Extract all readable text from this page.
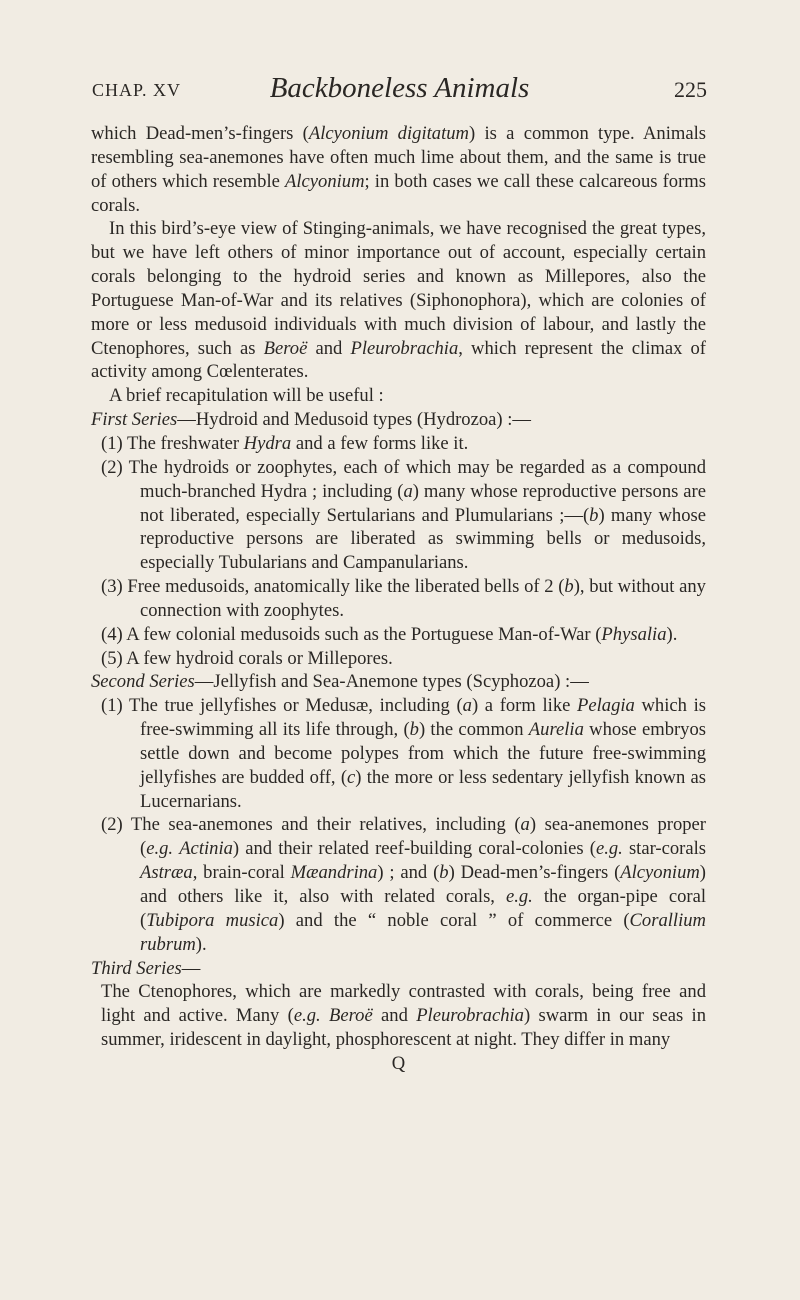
CHAP. XV	Backboneless Animals	225

which Dead-men’s-fingers (Alcyonium digitatum) is a common type. Animals resembling sea-anemones have often much lime about them, and the same is true of others which resemble Alcyonium; in both cases we call these calcareous forms corals.

In this bird’s-eye view of Stinging-animals, we have recognised the great types, but we have left others of minor importance out of account, especially certain corals belonging to the hydroid series and known as Millepores, also the Portuguese Man-of-War and its relatives (Siphonophora), which are colonies of more or less medusoid individuals with much division of labour, and lastly the Ctenophores, such as Beroë and Pleurobrachia, which represent the climax of activity among Cœlenterates.

A brief recapitulation will be useful :

First Series—Hydroid and Medusoid types (Hydrozoa) :—

(1) The freshwater Hydra and a few forms like it.

(2) The hydroids or zoophytes, each of which may be regarded as a compound much-branched Hydra ; including (a) many whose reproductive persons are not liberated, especially Sertularians and Plumularians ;—(b) many whose reproductive persons are liberated as swimming bells or medusoids, especially Tubularians and Campanularians.

(3) Free medusoids, anatomically like the liberated bells of 2 (b), but without any connection with zoophytes.

(4) A few colonial medusoids such as the Portuguese Man-of-War (Physalia).

(5) A few hydroid corals or Millepores.

Second Series—Jellyfish and Sea-Anemone types (Scyphozoa) :—

(1) The true jellyfishes or Medusæ, including (a) a form like Pelagia which is free-swimming all its life through, (b) the common Aurelia whose embryos settle down and become polypes from which the future free-swimming jellyfishes are budded off, (c) the more or less sedentary jellyfish known as Lucernarians.

(2) The sea-anemones and their relatives, including (a) sea-anemones proper (e.g. Actinia) and their related reef-building coral-colonies (e.g. star-corals Astræa, brain-coral Mæandrina) ; and (b) Dead-men’s-fingers (Alcyonium) and others like it, also with related corals, e.g. the organ-pipe coral (Tubipora musica) and the “ noble coral ” of commerce (Corallium rubrum).

Third Series—

The Ctenophores, which are markedly contrasted with corals, being free and light and active. Many (e.g. Beroë and Pleurobrachia) swarm in our seas in summer, iridescent in daylight, phosphorescent at night. They differ in many

Q
